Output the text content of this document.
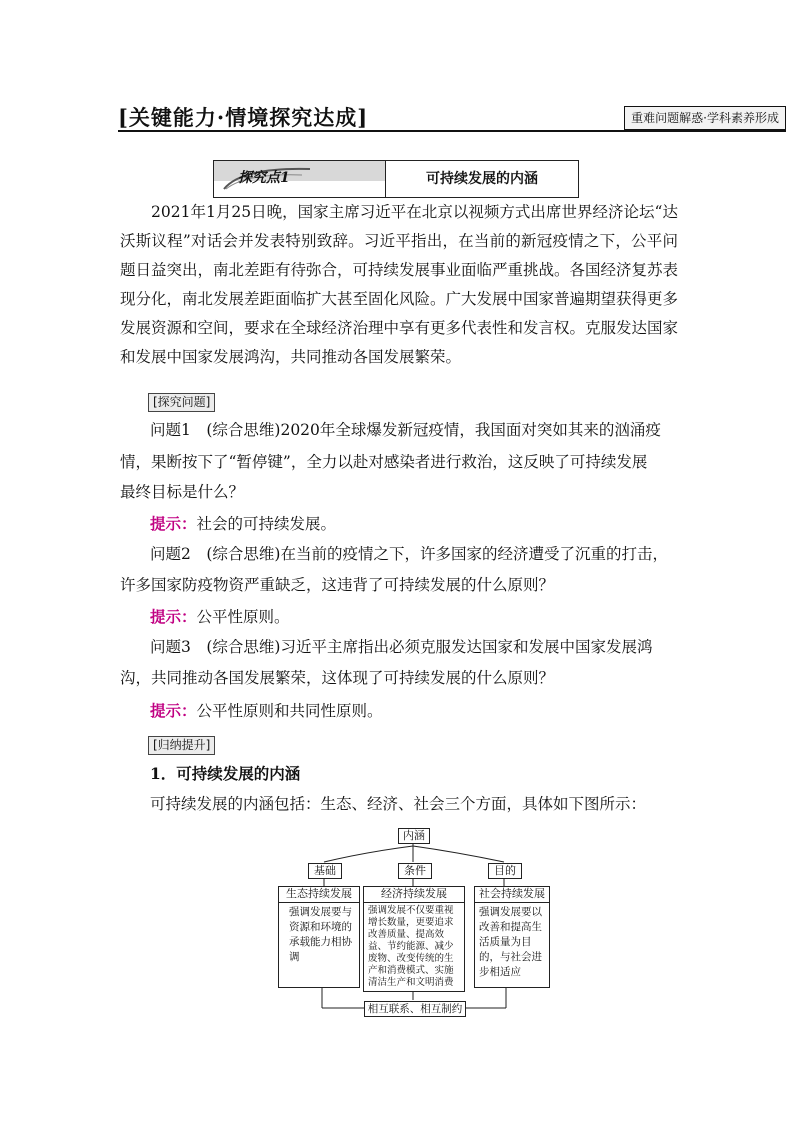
[关键能力·情境探究达成]	重难问题解惑·学科素养形成
探究点1	可持续发展的内涵
2021年1月25日晚，国家主席习近平在北京以视频方式出席世界经济论坛“达沃斯议程”对话会并发表特别致辞。习近平指出，在当前的新冠疫情之下，公平问题日益突出，南北差距有待弥合，可持续发展事业面临严重挑战。各国经济复苏表现分化，南北发展差距面临扩大甚至固化风险。广大发展中国家普遍期望获得更多发展资源和空间，要求在全球经济治理中享有更多代表性和发言权。克服发达国家和发展中国家发展鸿沟，共同推动各国发展繁荣。
[探究问题]
问题1　(综合思维)2020年全球爆发新冠疫情，我国面对突如其来的汹涌疫
情，果断按下了“暂停键”，全力以赴对感染者进行救治，这反映了可持续发展
最终目标是什么？
提示：社会的可持续发展。
问题2　(综合思维)在当前的疫情之下，许多国家的经济遭受了沉重的打击，
许多国家防疫物资严重缺乏，这违背了可持续发展的什么原则？
提示：公平性原则。
问题3　(综合思维)习近平主席指出必须克服发达国家和发展中国家发展鸿
沟，共同推动各国发展繁荣，这体现了可持续发展的什么原则？
提示：公平性原则和共同性原则。
[归纳提升]
1．可持续发展的内涵
可持续发展的内涵包括：生态、经济、社会三个方面，具体如下图所示：
内涵
基础	条件	目的
生态持续发展
强调发展要与资源和环境的承载能力相协调
经济持续发展
强调发展不仅要重视增长数量，更要追求改善质量、提高效益、节约能源、减少废物、改变传统的生产和消费模式、实施清洁生产和文明消费
社会持续发展
强调发展要以改善和提高生活质量为目的，与社会进步相适应
相互联系、相互制约
